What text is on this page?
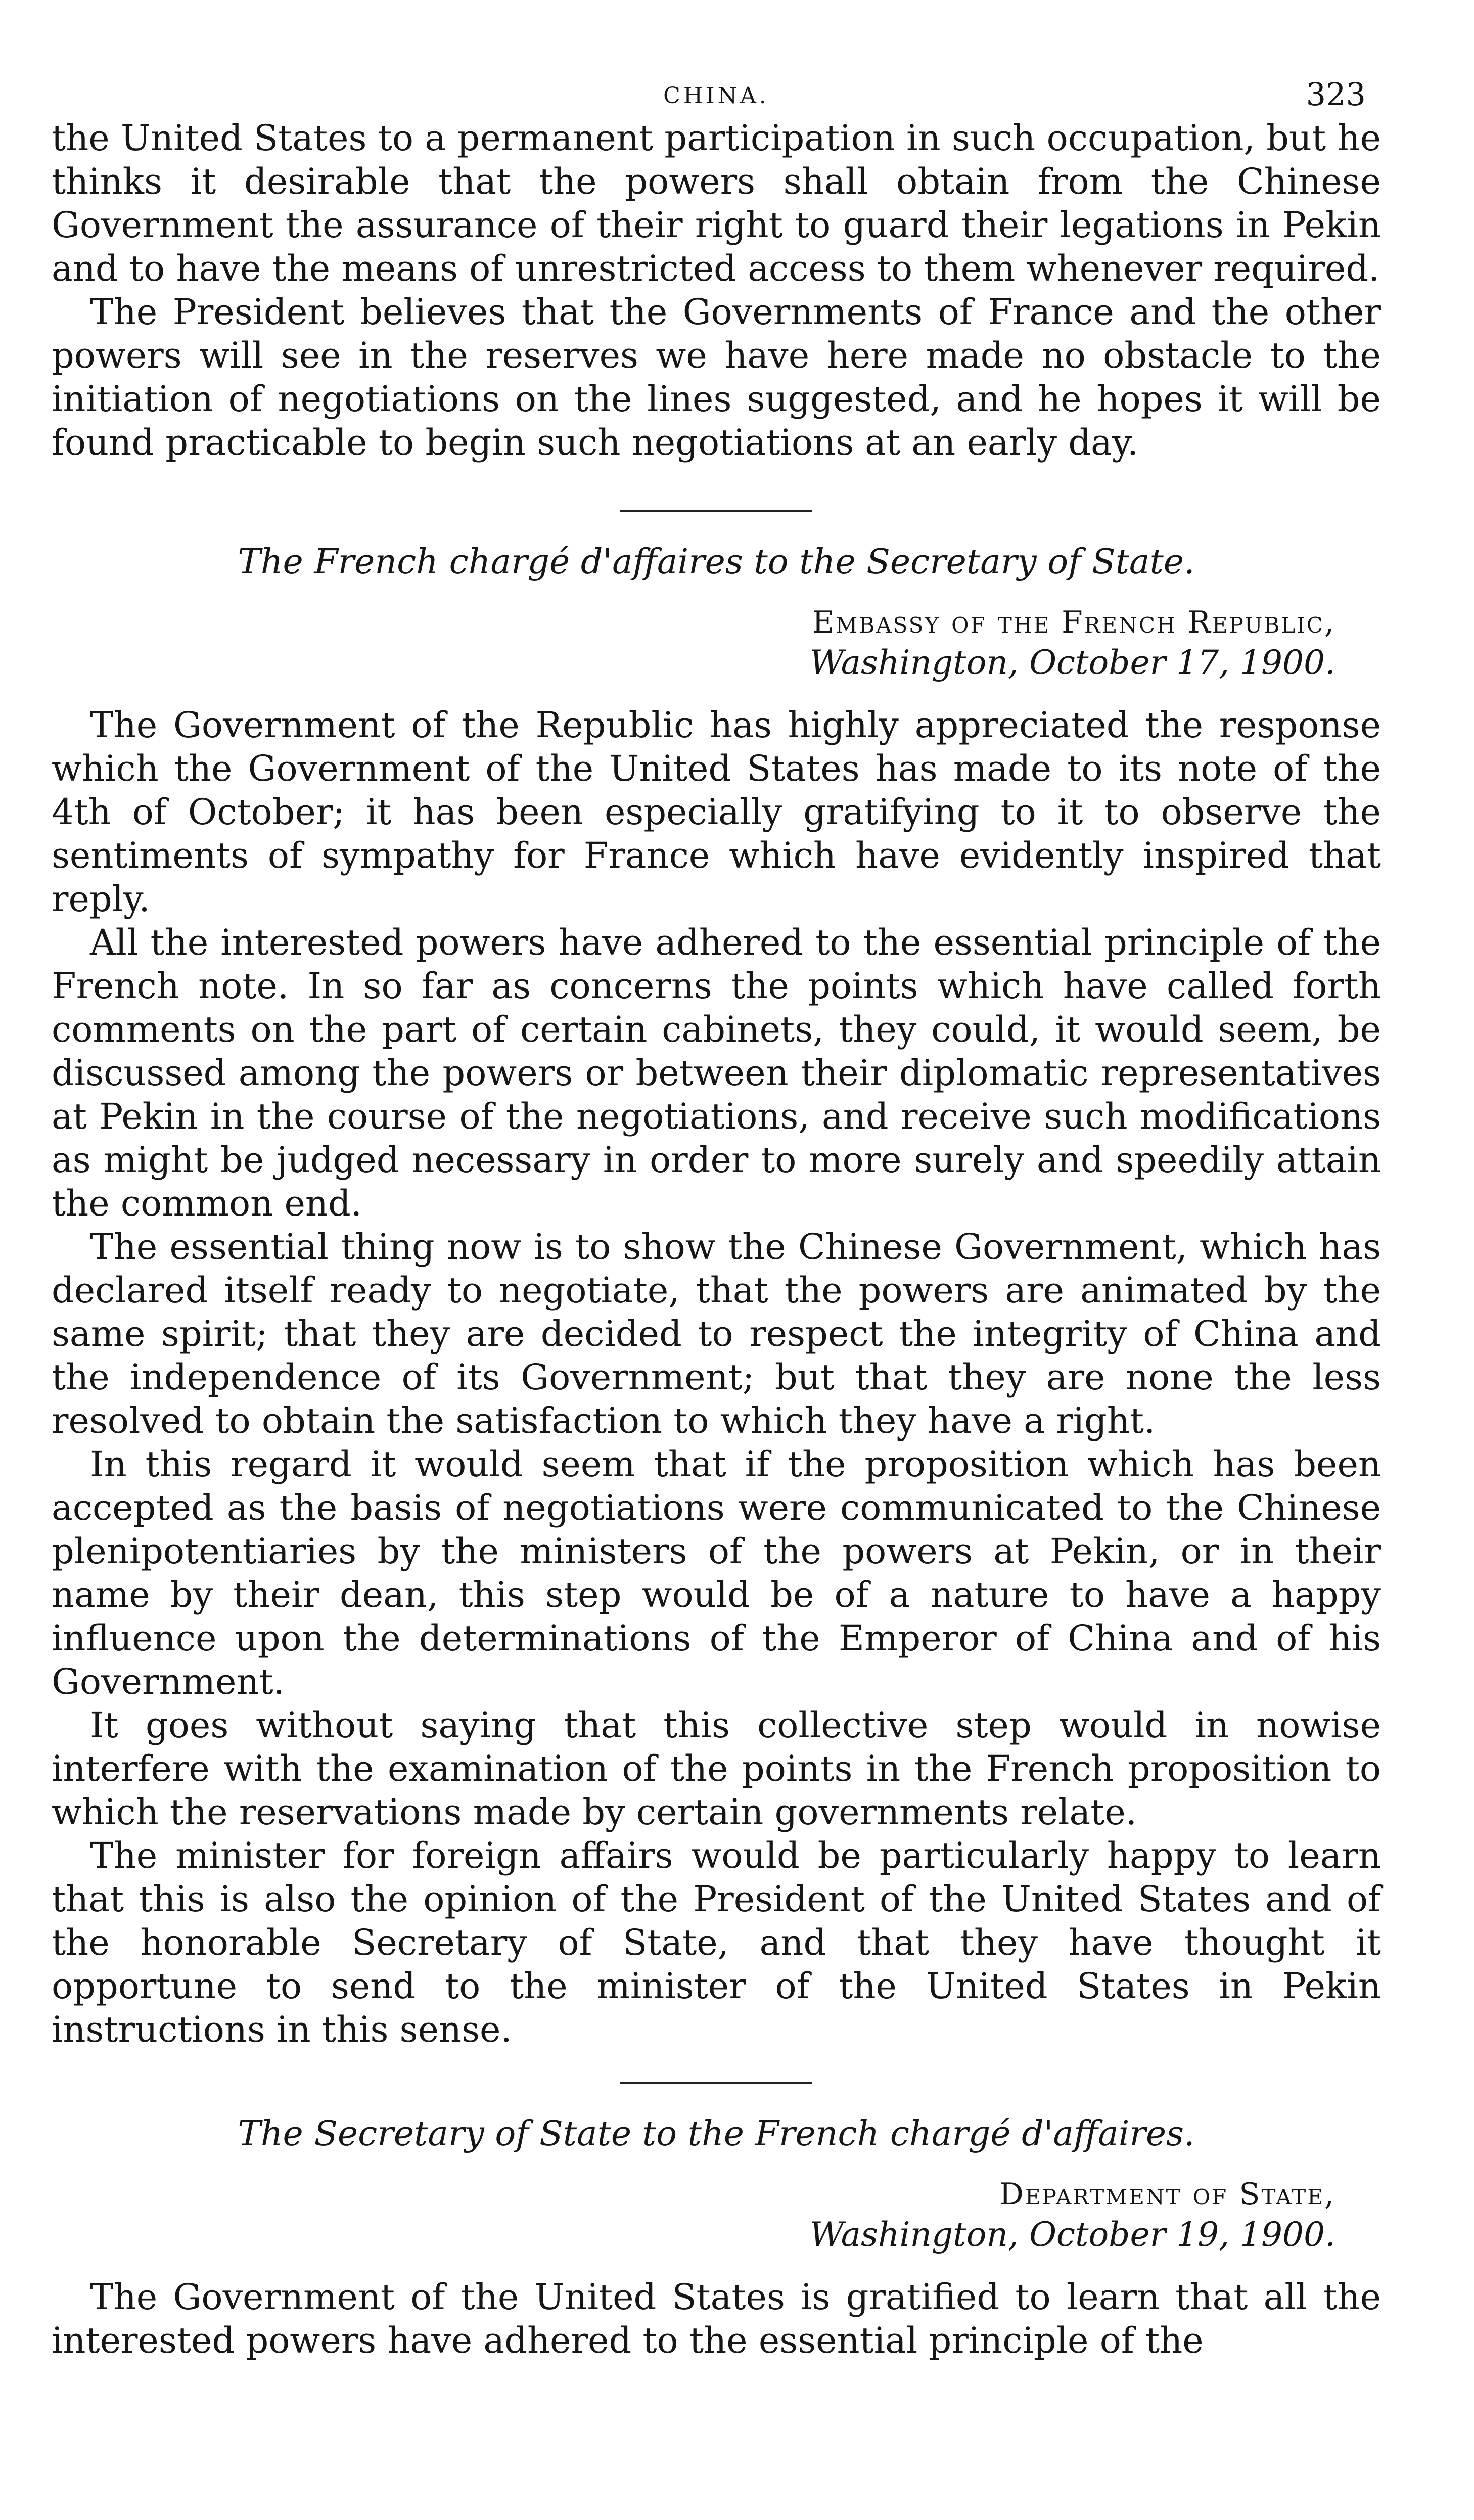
CHINA.	323

the United States to a permanent participation in such occupation, but he thinks it desirable that the powers shall obtain from the Chinese Government the assurance of their right to guard their legations in Pekin and to have the means of unrestricted access to them whenever required.

The President believes that the Governments of France and the other powers will see in the reserves we have here made no obstacle to the initiation of negotiations on the lines suggested, and he hopes it will be found practicable to begin such negotiations at an early day.

The French chargé d'affaires to the Secretary of State.

Embassy of the French Republic,
Washington, October 17, 1900.

The Government of the Republic has highly appreciated the response which the Government of the United States has made to its note of the 4th of October; it has been especially gratifying to it to observe the sentiments of sympathy for France which have evidently inspired that reply.

All the interested powers have adhered to the essential principle of the French note. In so far as concerns the points which have called forth comments on the part of certain cabinets, they could, it would seem, be discussed among the powers or between their diplomatic representatives at Pekin in the course of the negotiations, and receive such modifications as might be judged necessary in order to more surely and speedily attain the common end.

The essential thing now is to show the Chinese Government, which has declared itself ready to negotiate, that the powers are animated by the same spirit; that they are decided to respect the integrity of China and the independence of its Government; but that they are none the less resolved to obtain the satisfaction to which they have a right.

In this regard it would seem that if the proposition which has been accepted as the basis of negotiations were communicated to the Chinese plenipotentiaries by the ministers of the powers at Pekin, or in their name by their dean, this step would be of a nature to have a happy influence upon the determinations of the Emperor of China and of his Government.

It goes without saying that this collective step would in nowise interfere with the examination of the points in the French proposition to which the reservations made by certain governments relate.

The minister for foreign affairs would be particularly happy to learn that this is also the opinion of the President of the United States and of the honorable Secretary of State, and that they have thought it opportune to send to the minister of the United States in Pekin instructions in this sense.

The Secretary of State to the French chargé d'affaires.

Department of State,
Washington, October 19, 1900.

The Government of the United States is gratified to learn that all the interested powers have adhered to the essential principle of the
